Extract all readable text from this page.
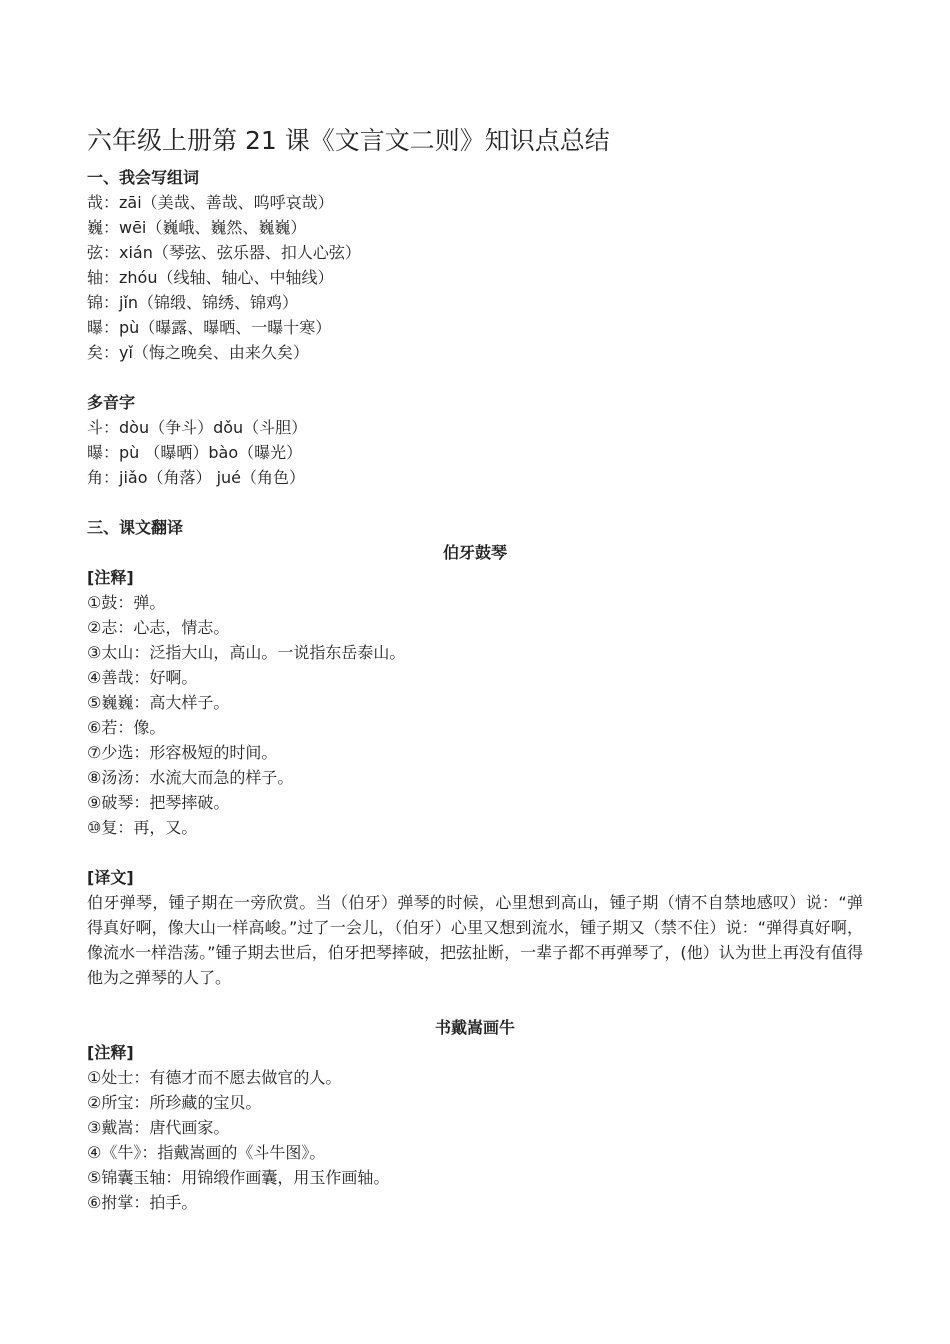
六年级上册第 21 课《文言文二则》知识点总结
一、我会写组词
哉：zāi（美哉、善哉、呜呼哀哉）
巍：wēi（巍峨、巍然、巍巍）
弦：xián（琴弦、弦乐器、扣人心弦）
轴：zhóu（线轴、轴心、中轴线）
锦：jǐn（锦缎、锦绣、锦鸡）
曝：pù（曝露、曝晒、一曝十寒）
矣：yǐ（悔之晚矣、由来久矣）
多音字
斗：dòu（争斗）dǒu（斗胆）
曝：pù （曝晒）bào（曝光）
角：jiǎo（角落） jué（角色）
三、课文翻译
伯牙鼓琴
[注释]
①鼓：弹。
②志：心志，情志。
③太山：泛指大山，高山。一说指东岳泰山。
④善哉：好啊。
⑤巍巍：高大样子。
⑥若：像。
⑦少选：形容极短的时间。
⑧汤汤：水流大而急的样子。
⑨破琴：把琴摔破。
⑩复：再，又。
[译文]
伯牙弹琴，锺子期在一旁欣赏。当（伯牙）弹琴的时候，心里想到高山，锺子期（情不自禁地感叹）说：“弹得真好啊，像大山一样高峻。”过了一会儿，（伯牙）心里又想到流水，锺子期又（禁不住）说：“弹得真好啊，像流水一样浩荡。”锺子期去世后，伯牙把琴摔破，把弦扯断，一辈子都不再弹琴了，(他）认为世上再没有值得他为之弹琴的人了。
书戴嵩画牛
[注释]
①处士：有德才而不愿去做官的人。
②所宝：所珍藏的宝贝。
③戴嵩：唐代画家。
④《牛》：指戴嵩画的《斗牛图》。
⑤锦囊玉轴：用锦缎作画囊，用玉作画轴。
⑥拊掌：拍手。
